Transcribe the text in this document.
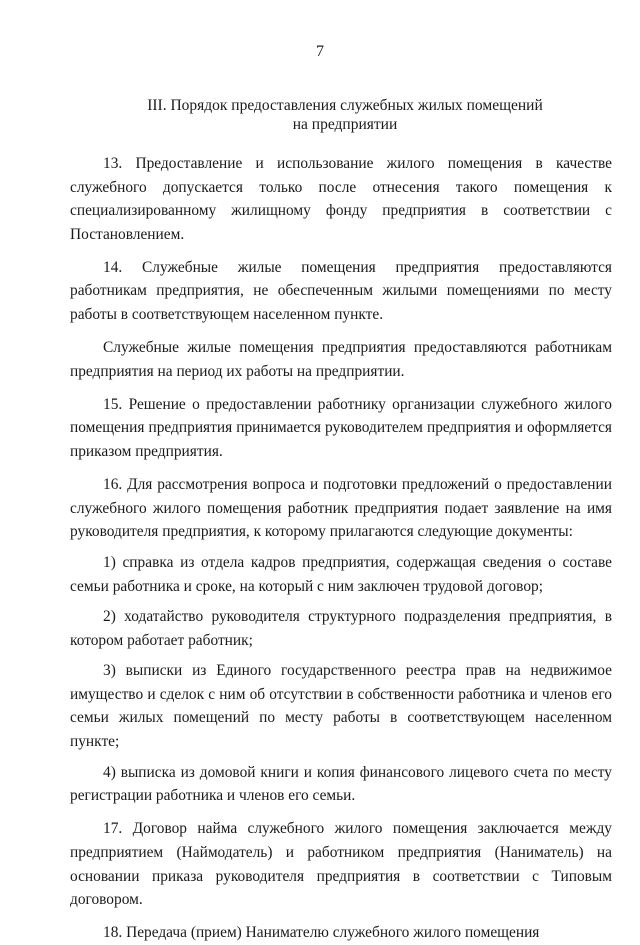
7
III. Порядок предоставления служебных жилых помещений
на предприятии

13. Предоставление и использование жилого помещения в качестве служебного допускается только после отнесения такого помещения к специализированному жилищному фонду предприятия в соответствии с Постановлением.

14. Служебные жилые помещения предприятия предоставляются работникам предприятия, не обеспеченным жилыми помещениями по месту работы в соответствующем населенном пункте.

Служебные жилые помещения предприятия предоставляются работникам предприятия на период их работы на предприятии.

15. Решение о предоставлении работнику организации служебного жилого помещения предприятия принимается руководителем предприятия и оформляется приказом предприятия.

16. Для рассмотрения вопроса и подготовки предложений о предоставлении служебного жилого помещения работник предприятия подает заявление на имя руководителя предприятия, к которому прилагаются следующие документы:

1) справка из отдела кадров предприятия, содержащая сведения о составе семьи работника и сроке, на который с ним заключен трудовой договор;

2) ходатайство руководителя структурного подразделения предприятия, в котором работает работник;

3) выписки из Единого государственного реестра прав на недвижимое имущество и сделок с ним об отсутствии в собственности работника и членов его семьи жилых помещений по месту работы в соответствующем населенном пункте;

4) выписка из домовой книги и копия финансового лицевого счета по месту регистрации работника и членов его семьи.

17. Договор найма служебного жилого помещения заключается между предприятием (Наймодатель) и работником предприятия (Наниматель) на основании приказа руководителя предприятия в соответствии с Типовым договором.

18. Передача (прием) Нанимателю служебного жилого помещения
